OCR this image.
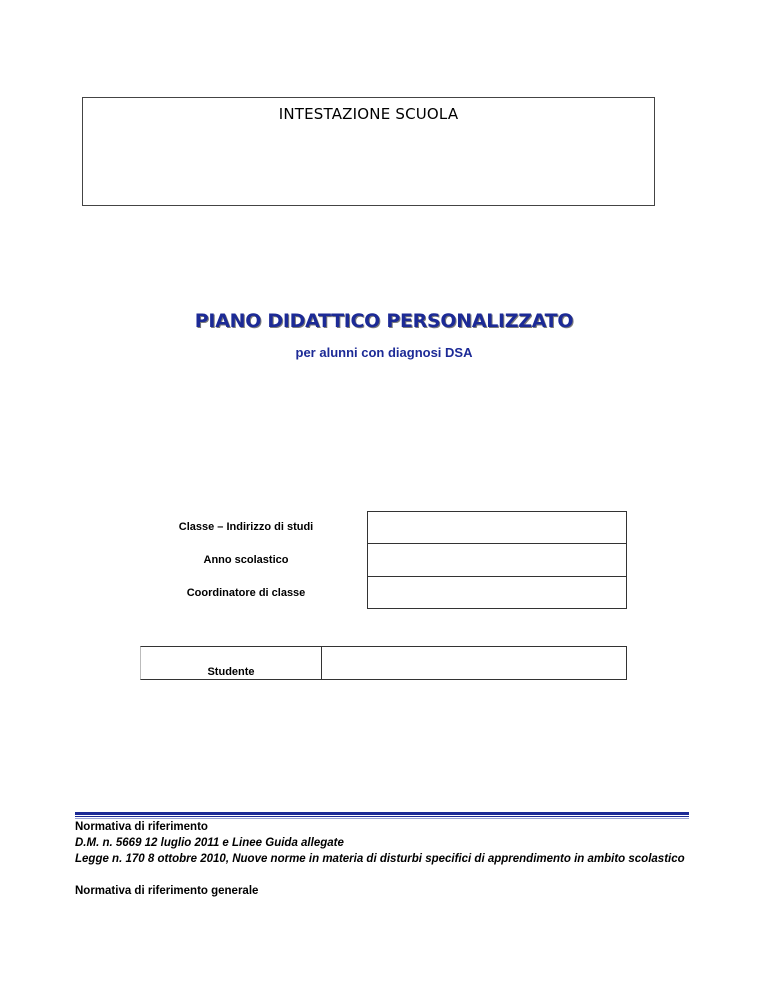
INTESTAZIONE SCUOLA
PIANO DIDATTICO PERSONALIZZATO
per alunni con diagnosi DSA
Classe – Indirizzo di studi
Anno scolastico
Coordinatore di classe
Studente
Normativa di riferimento
D.M. n. 5669 12 luglio 2011 e Linee Guida allegate
Legge n. 170 8 ottobre 2010, Nuove norme in materia di disturbi specifici di apprendimento in ambito scolastico
Normativa di riferimento generale
